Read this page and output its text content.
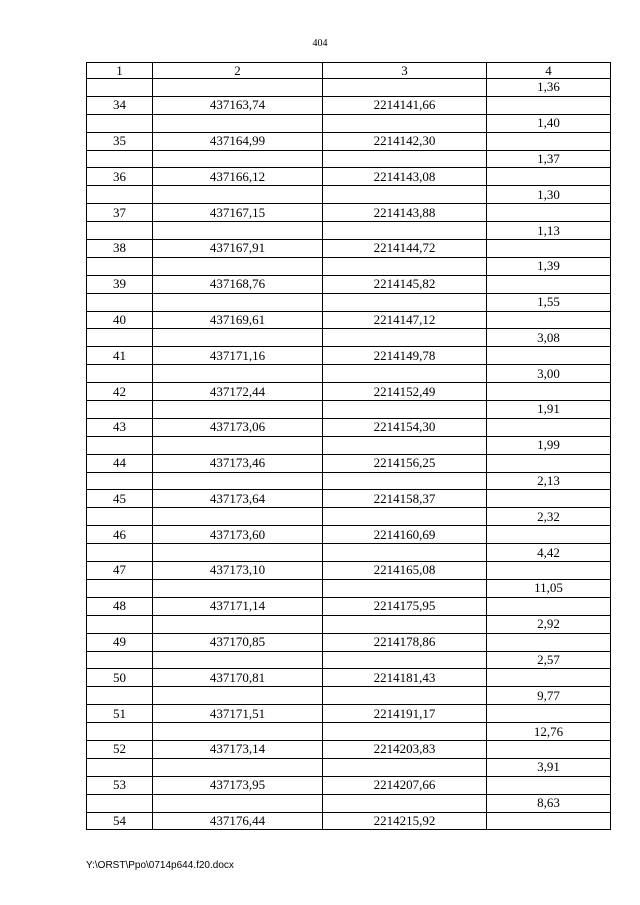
404
1	2	3	4
			1,36
34	437163,74	2214141,66	
			1,40
35	437164,99	2214142,30	
			1,37
36	437166,12	2214143,08	
			1,30
37	437167,15	2214143,88	
			1,13
38	437167,91	2214144,72	
			1,39
39	437168,76	2214145,82	
			1,55
40	437169,61	2214147,12	
			3,08
41	437171,16	2214149,78	
			3,00
42	437172,44	2214152,49	
			1,91
43	437173,06	2214154,30	
			1,99
44	437173,46	2214156,25	
			2,13
45	437173,64	2214158,37	
			2,32
46	437173,60	2214160,69	
			4,42
47	437173,10	2214165,08	
			11,05
48	437171,14	2214175,95	
			2,92
49	437170,85	2214178,86	
			2,57
50	437170,81	2214181,43	
			9,77
51	437171,51	2214191,17	
			12,76
52	437173,14	2214203,83	
			3,91
53	437173,95	2214207,66	
			8,63
54	437176,44	2214215,92	
Y:\ORST\Ppo\0714p644.f20.docx
